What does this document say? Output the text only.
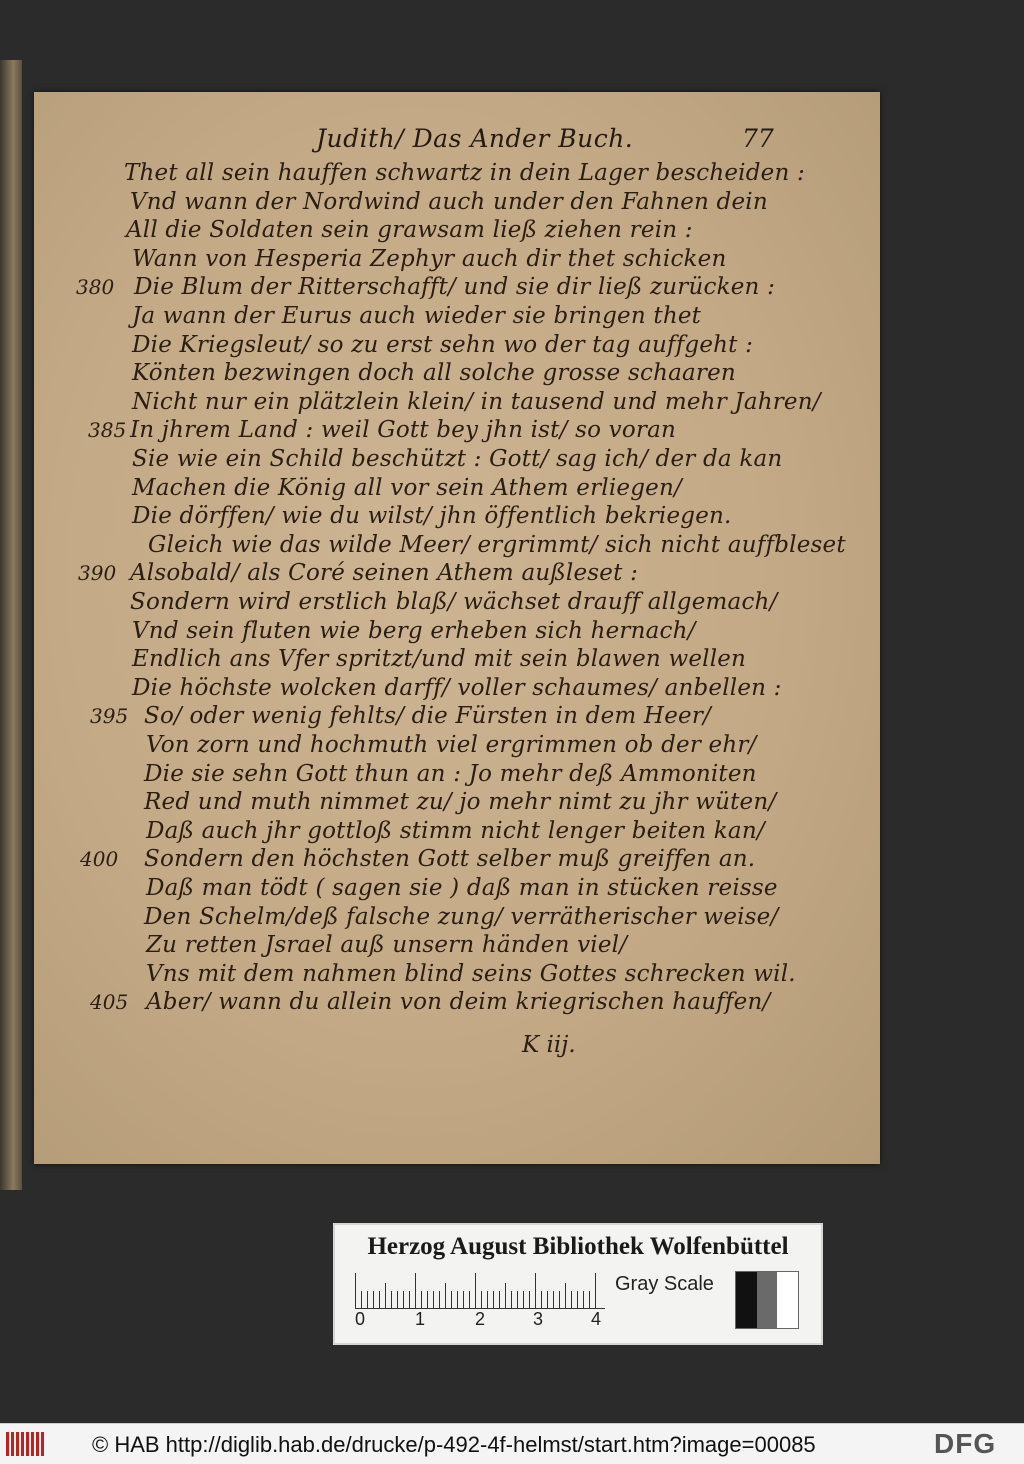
Judith/ Das Ander Buch.	77
Thet all sein hauffen schwartz in dein Lager bescheiden :
Vnd wann der Nordwind auch under den Fahnen dein
All die Soldaten sein grawsam ließ ziehen rein :
Wann von Hesperia Zephyr auch dir thet schicken
Die Blum der Ritterschafft/ und sie dir ließ zurücken :
380
Ja wann der Eurus auch wieder sie bringen thet
Die Kriegsleut/ so zu erst sehn wo der tag auffgeht :
Könten bezwingen doch all solche grosse schaaren
Nicht nur ein plätzlein klein/ in tausend und mehr Jahren/
In jhrem Land : weil Gott bey jhn ist/ so voran
385
Sie wie ein Schild beschützt : Gott/ sag ich/ der da kan
Machen die König all vor sein Athem erliegen/
Die dörffen/ wie du wilst/ jhn öffentlich bekriegen.
Gleich wie das wilde Meer/ ergrimmt/ sich nicht auffbleset
Alsobald/ als Coré seinen Athem außleset :
390
Sondern wird erstlich blaß/ wächset drauff allgemach/
Vnd sein fluten wie berg erheben sich hernach/
Endlich ans Vfer spritzt/und mit sein blawen wellen
Die höchste wolcken darff/ voller schaumes/ anbellen :
So/ oder wenig fehlts/ die Fürsten in dem Heer/
395
Von zorn und hochmuth viel ergrimmen ob der ehr/
Die sie sehn Gott thun an : Jo mehr deß Ammoniten
Red und muth nimmet zu/ jo mehr nimt zu jhr wüten/
Daß auch jhr gottloß stimm nicht lenger beiten kan/
Sondern den höchsten Gott selber muß greiffen an.
400
Daß man tödt ( sagen sie ) daß man in stücken reisse
Den Schelm/deß falsche zung/ verrätherischer weise/
Zu retten Jsrael auß unsern händen viel/
Vns mit dem nahmen blind seins Gottes schrecken wil.
Aber/ wann du allein von deim kriegrischen hauffen/
405
K iij.
Herzog August Bibliothek Wolfenbüttel
0	1	2	3	4
Gray Scale
© HAB http://diglib.hab.de/drucke/p-492-4f-helmst/start.htm?image=00085	DFG
